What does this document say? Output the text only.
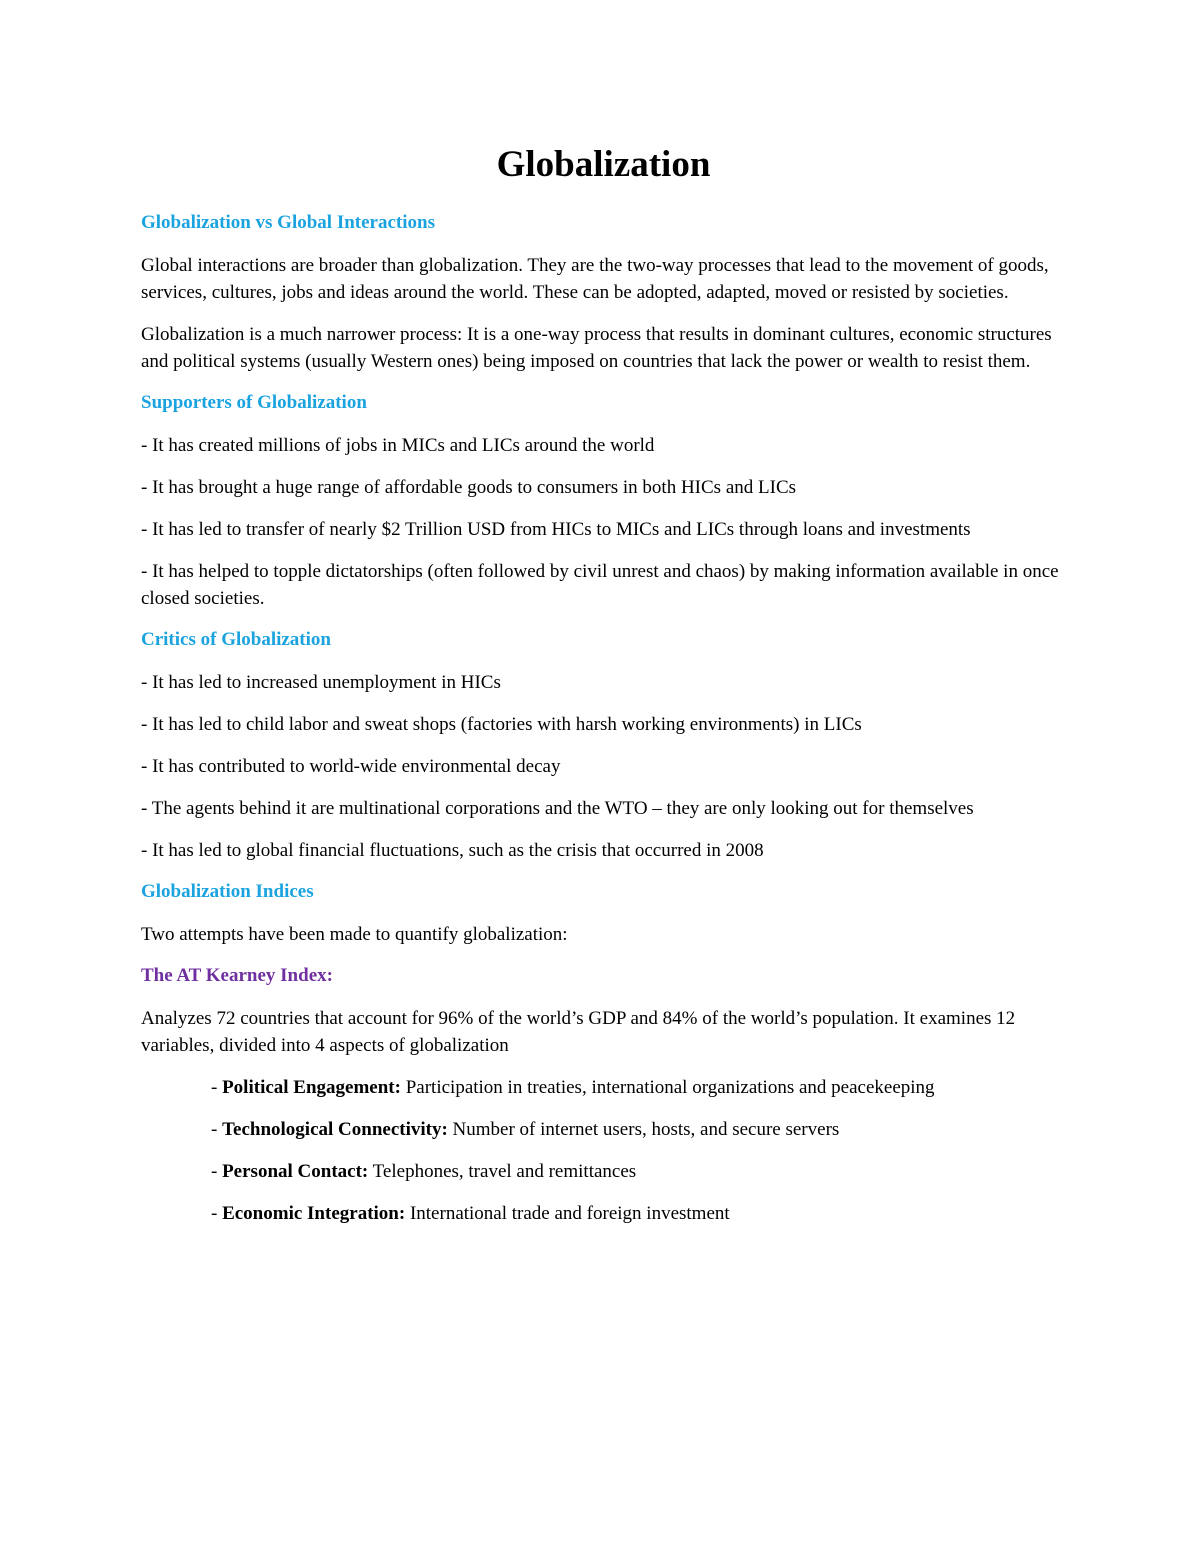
Globalization
Globalization vs Global Interactions

Global interactions are broader than globalization. They are the two-way processes that lead to the movement of goods, services, cultures, jobs and ideas around the world. These can be adopted, adapted, moved or resisted by societies.

Globalization is a much narrower process: It is a one-way process that results in dominant cultures, economic structures and political systems (usually Western ones) being imposed on countries that lack the power or wealth to resist them.

Supporters of Globalization

- It has created millions of jobs in MICs and LICs around the world

- It has brought a huge range of affordable goods to consumers in both HICs and LICs

- It has led to transfer of nearly $2 Trillion USD from HICs to MICs and LICs through loans and investments

- It has helped to topple dictatorships (often followed by civil unrest and chaos) by making information available in once closed societies.

Critics of Globalization

- It has led to increased unemployment in HICs

- It has led to child labor and sweat shops (factories with harsh working environments) in LICs

- It has contributed to world-wide environmental decay

- The agents behind it are multinational corporations and the WTO – they are only looking out for themselves

- It has led to global financial fluctuations, such as the crisis that occurred in 2008

Globalization Indices

Two attempts have been made to quantify globalization:

The AT Kearney Index:

Analyzes 72 countries that account for 96% of the world’s GDP and 84% of the world’s population. It examines 12 variables, divided into 4 aspects of globalization

- Political Engagement: Participation in treaties, international organizations and peacekeeping

- Technological Connectivity: Number of internet users, hosts, and secure servers

- Personal Contact: Telephones, travel and remittances

- Economic Integration: International trade and foreign investment
